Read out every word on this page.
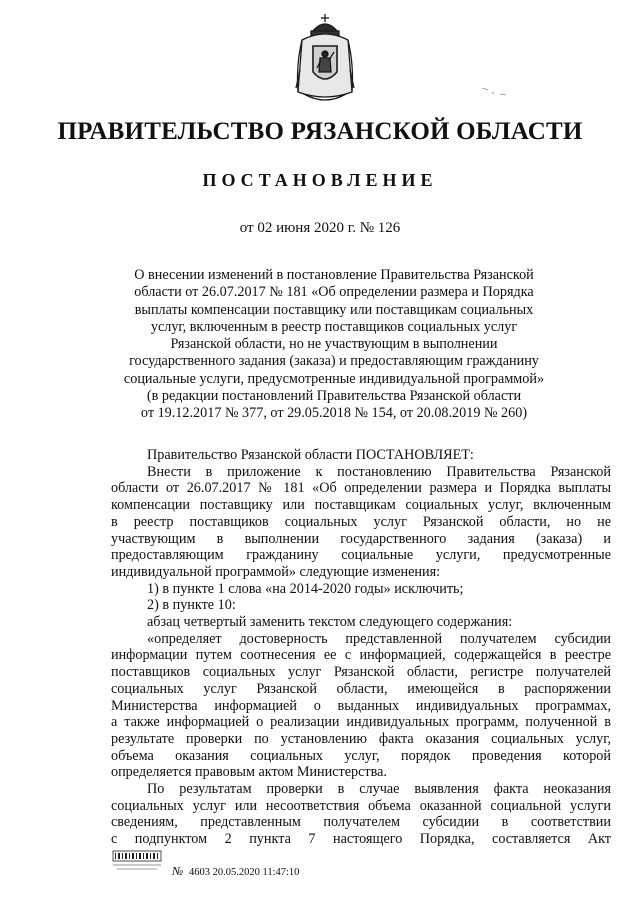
ПРАВИТЕЛЬСТВО РЯЗАНСКОЙ ОБЛАСТИ
ПОСТАНОВЛЕНИЕ
от 02 июня 2020 г. № 126
О внесении изменений в постановление Правительства Рязанской
области от 26.07.2017 № 181 «Об определении размера и Порядка
выплаты компенсации поставщику или поставщикам социальных
услуг, включенным в реестр поставщиков социальных услуг
Рязанской области, но не участвующим в выполнении
государственного задания (заказа) и предоставляющим гражданину
социальные услуги, предусмотренные индивидуальной программой»
(в редакции постановлений Правительства Рязанской области
от 19.12.2017 № 377, от 29.05.2018 № 154, от 20.08.2019 № 260)
Правительство Рязанской области ПОСТАНОВЛЯЕТ:
Внести в приложение к постановлению Правительства Рязанской
области от 26.07.2017 № 181 «Об определении размера и Порядка выплаты
компенсации поставщику или поставщикам социальных услуг, включенным
в реестр поставщиков социальных услуг Рязанской области, но не
участвующим в выполнении государственного задания (заказа) и
предоставляющим гражданину социальные услуги, предусмотренные
индивидуальной программой» следующие изменения:
1) в пункте 1 слова «на 2014-2020 годы» исключить;
2) в пункте 10:
абзац четвертый заменить текстом следующего содержания:
«определяет достоверность представленной получателем субсидии
информации путем соотнесения ее с информацией, содержащейся в реестре
поставщиков социальных услуг Рязанской области, регистре получателей
социальных услуг Рязанской области, имеющейся в распоряжении
Министерства информацией о выданных индивидуальных программах,
а также информацией о реализации индивидуальных программ, полученной в
результате проверки по установлению факта оказания социальных услуг,
объема оказания социальных услуг, порядок проведения которой
определяется правовым актом Министерства.
По результатам проверки в случае выявления факта неоказания
социальных услуг или несоответствия объема оказанной социальной услуги
сведениям, представленным получателем субсидии в соответствии
с подпунктом 2 пункта 7 настоящего Порядка, составляется Акт
№ 4603 20.05.2020 11:47:10
